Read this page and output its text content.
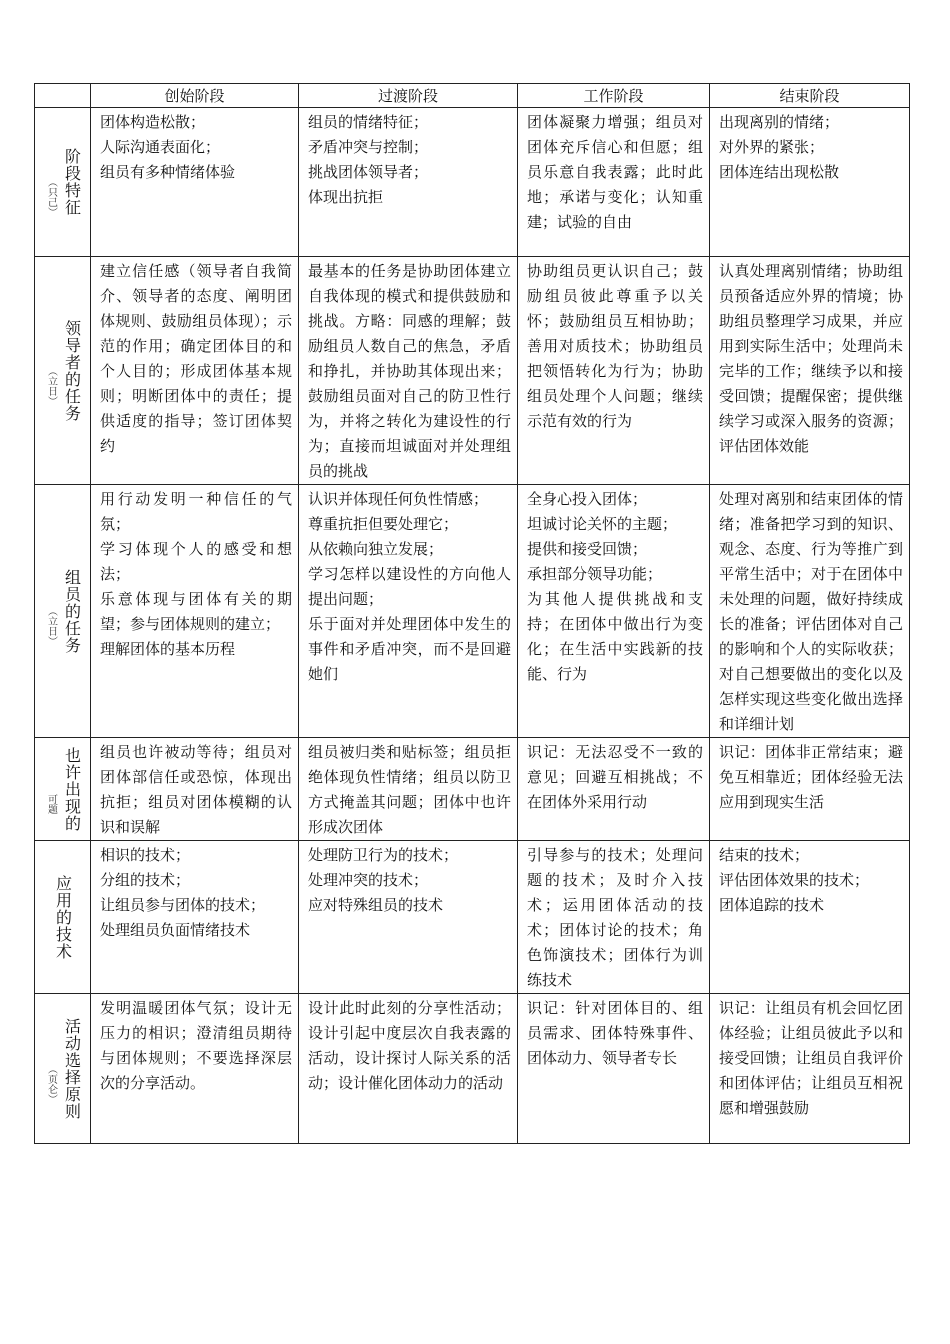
	创始阶段	过渡阶段	工作阶段	结束阶段

（只己） 阶段特征	团体构造松散；
人际沟通表面化；
组员有多种情绪体验	组员的情绪特征；
矛盾冲突与控制；
挑战团体领导者；
体现出抗拒	团体凝聚力增强；组员对团体充斥信心和但愿；组员乐意自我表露；此时此地；承诺与变化；认知重建；试验的自由	出现离别的情绪；
对外界的紧张；
团体连结出现松散

（立日） 领导者的任务	建立信任感（领导者自我简介、领导者的态度、阐明团体规则、鼓励组员体现）；示范的作用；确定团体目的和个人目的；形成团体基本规则；明断团体中的责任；提供适度的指导；签订团体契约	最基本的任务是协助团体建立自我体现的模式和提供鼓励和挑战。方略：同感的理解；鼓励组员人数自己的焦急，矛盾和挣扎，并协助其体现出来；鼓励组员面对自己的防卫性行为，并将之转化为建设性的行为；直接而坦诚面对并处理组员的挑战	协助组员更认识自己；鼓励组员彼此尊重予以关怀；鼓励组员互相协助；善用对质技术；协助组员把领悟转化为行为；协助组员处理个人问题；继续示范有效的行为	认真处理离别情绪；协助组员预备适应外界的情境；协助组员整理学习成果，并应用到实际生活中；处理尚未完毕的工作；继续予以和接受回馈；提醒保密；提供继续学习或深入服务的资源；评估团体效能

（立日） 组员的任务	用行动发明一种信任的气氛；
学习体现个人的感受和想法；
乐意体现与团体有关的期望；参与团体规则的建立；
理解团体的基本历程	认识并体现任何负性情感；
尊重抗拒但要处理它；
从依赖向独立发展；
学习怎样以建设性的方向他人提出问题；
乐于面对并处理团体中发生的事件和矛盾冲突，而不是回避她们	全身心投入团体；
坦诚讨论关怀的主题；
提供和接受回馈；
承担部分领导功能；
为其他人提供挑战和支持；在团体中做出行为变化；在生活中实践新的技能、行为	处理对离别和结束团体的情绪；准备把学习到的知识、观念、态度、行为等推广到平常生活中；对于在团体中未处理的问题，做好持续成长的准备；评估团体对自己的影响和个人的实际收获；对自己想要做出的变化以及怎样实现这些变化做出选择和详细计划

可题 也许出现的	组员也许被动等待；组员对团体部信任或恐惊，体现出抗拒；组员对团体模糊的认识和误解	组员被归类和贴标签；组员拒绝体现负性情绪；组员以防卫方式掩盖其问题；团体中也许形成次团体	识记：无法忍受不一致的意见；回避互相挑战；不在团体外采用行动	识记：团体非正常结束；避免互相靠近；团体经验无法应用到现实生活

应用的技术	相识的技术；
分组的技术；
让组员参与团体的技术；
处理组员负面情绪技术	处理防卫行为的技术；
处理冲突的技术；
应对特殊组员的技术	引导参与的技术；处理问题的技术；及时介入技术；运用团体活动的技术；团体讨论的技术；角色饰演技术；团体行为训练技术	结束的技术；
评估团体效果的技术；
团体追踪的技术

（页仑） 活动选择原则	发明温暖团体气氛；设计无压力的相识；澄清组员期待与团体规则；不要选择深层次的分享活动。	设计此时此刻的分享性活动；设计引起中度层次自我表露的活动，设计探讨人际关系的活动；设计催化团体动力的活动	识记：针对团体目的、组员需求、团体特殊事件、团体动力、领导者专长	识记：让组员有机会回忆团体经验；让组员彼此予以和接受回馈；让组员自我评价和团体评估；让组员互相祝愿和增强鼓励
